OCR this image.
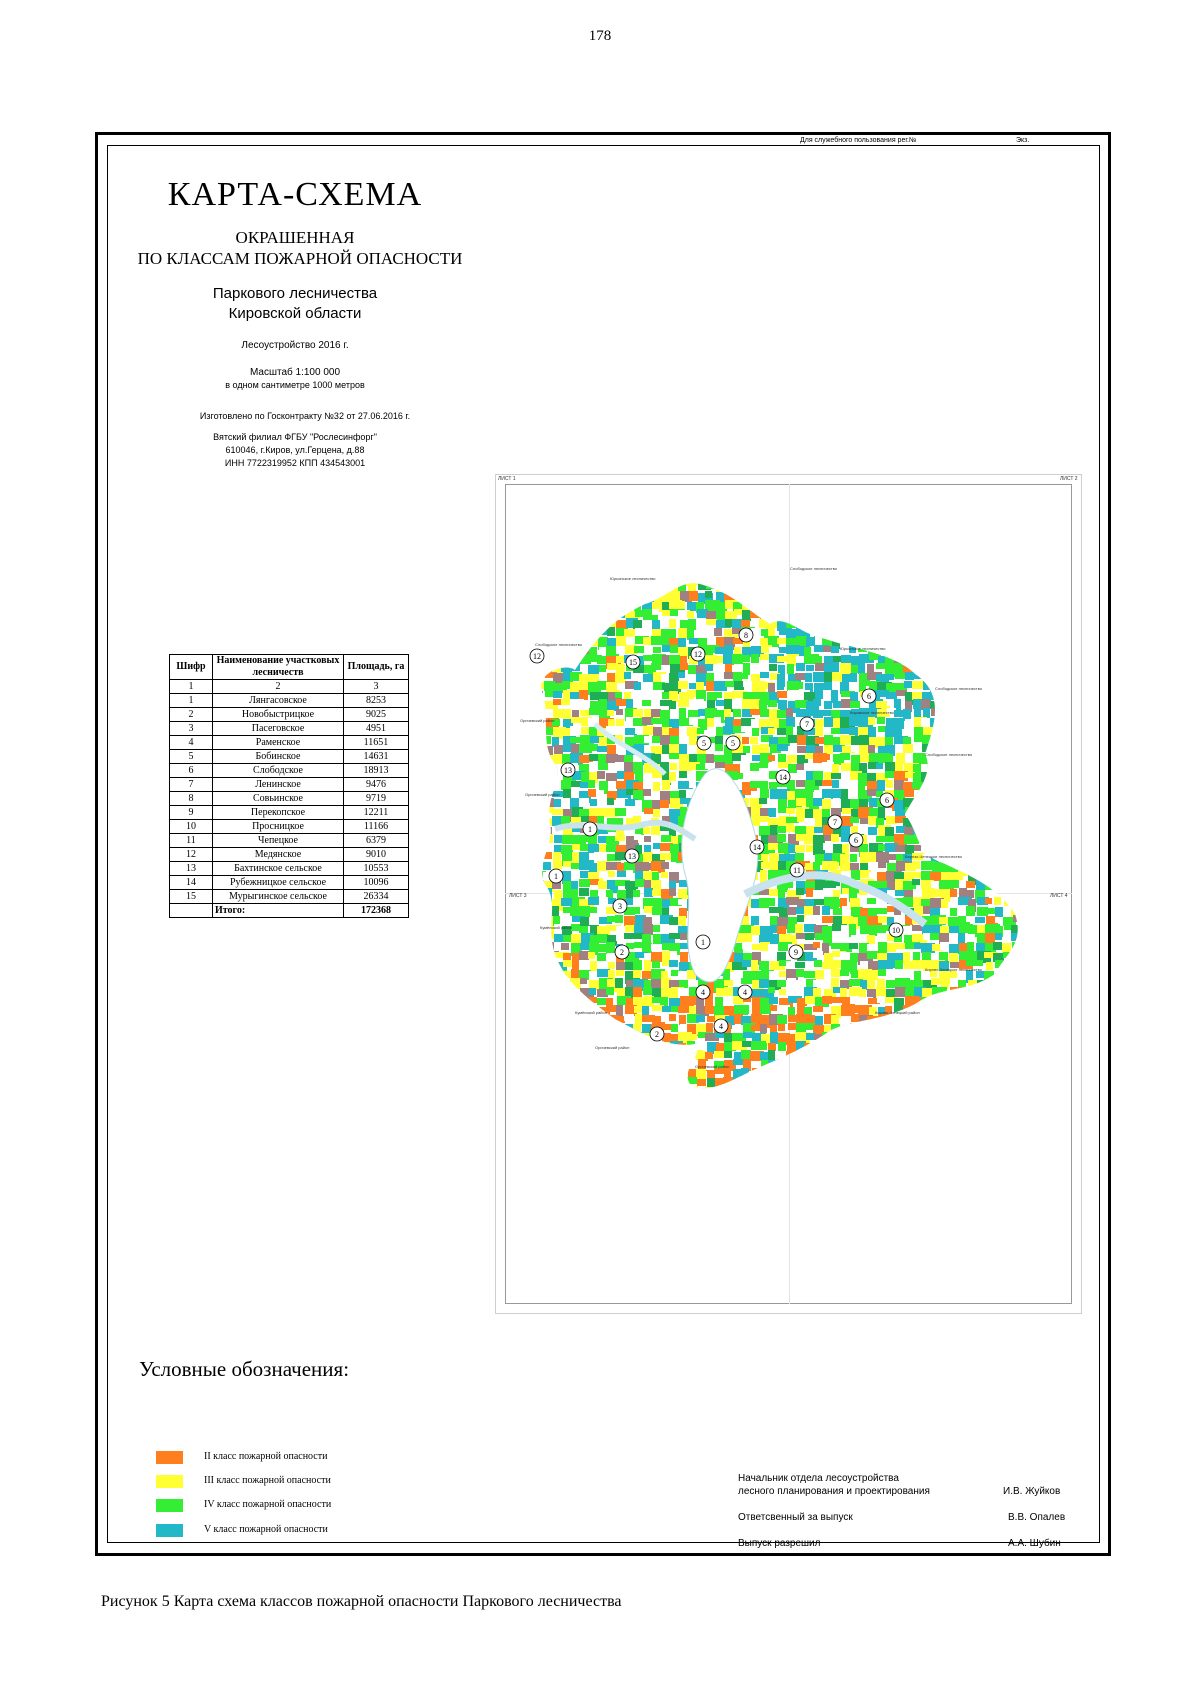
178
Для служебного пользования рег.№	Экз.
КАРТА-СХЕМА
ОКРАШЕННАЯ
ПО КЛАССАМ ПОЖАРНОЙ ОПАСНОСТИ
Паркового лесничества
Кировской области
Лесоустройство 2016 г.
Масштаб 1:100 000
в одном сантиметре 1000 метров
Изготовлено по Госконтракту №32 от 27.06.2016 г.
Вятский филиал ФГБУ "Рослесинфорг"
610046, г.Киров, ул.Герцена, д.88
ИНН 7722319952 КПП 434543001
Шифр	Наименование участковых лесничеств	Площадь, га
1	2	3
1	Лянгасовское	8253
2	Новобыстрицкое	9025
3	Пасеговское	4951
4	Раменское	11651
5	Бобинское	14631
6	Слободское	18913
7	Ленинское	9476
8	Совьинское	9719
9	Перекопское	12211
10	Просницкое	11166
11	Чепецкое	6379
12	Медянское	9010
13	Бахтинское сельское	10553
14	Рубежницкое сельское	10096
15	Мурыгинское сельское	26334
	Итого:	172368
ЛИСТ 1	ЛИСТ 2
ЛИСТ 3	ЛИСТ 4
Юрьянское лесничество
Слободское лесничество
Слободское лесничество
Юрьянское лесничество
Слободское лесничество
Слободское лесничество
Оричевский район
Оричевский район
Кировское лесничество
Березо-Чепецкое лесничество
Кумёнский район
Кумёнский район
Оричевский район
Кирово-Чепецкое лесничество
Кирово-Чепецкий район
Оричевский район
8
12
15
12
6
5	5
7
14
13
6
1
7
6
14
11
13
1
3
1
10
2	9
4	4
2
4
Условные обозначения:
II класс пожарной опасности
III класс пожарной опасности
IV класс пожарной опасности
V класс пожарной опасности
Начальник отдела лесоустройства
лесного планирования и проектирования	И.В. Жуйков
Ответсвенный за выпуск	В.В. Опалев
Выпуск разрешил	А.А. Шубин
Рисунок 5 Карта схема классов пожарной опасности Паркового лесничества
